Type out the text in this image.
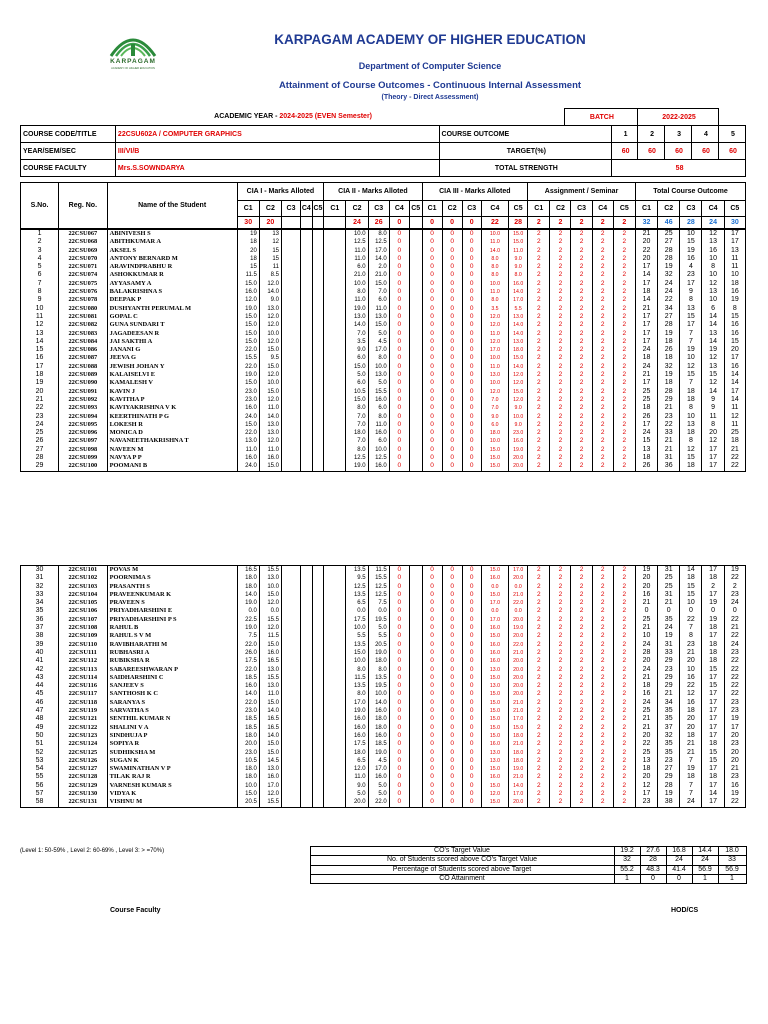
KARPAGAM
ACADEMY OF HIGHER EDUCATION
KARPAGAM ACADEMY OF HIGHER EDUCATION
Department of Computer Science
Attainment of Course Outcomes - Continuous Internal Assessment
(Theory - Direct Assessment)
ACADEMIC YEAR - 2024-2025 (EVEN Semester)			BATCH		2022-2025			
COURSE CODE/TITLE	22CSU602A / COMPUTER GRAPHICS	COURSE OUTCOME		1	2	3	4	5
YEAR/SEM/SEC	III/VI/B	TARGET(%)		60	60	60	60	60
COURSE FACULTY	Mrs.S.SOWNDARYA	TOTAL STRENGTH		58				
S.No.	Reg. No.	Name of the Student	CIA I - Marks Alloted					CIA II - Marks Alloted					CIA III - Marks Alloted					Assignment / Seminar					Total Course Outcome				
			C1	C2	C3	C4	C5	C1	C2	C3	C4	C5	C1	C2	C3	C4	C5	C1	C2	C3	C4	C5	C1	C2	C3	C4	C5
			30	20					24	26	0		0	0	0	22	28	2	2	2	2	2	32	46	28	24	30
1	22CSU067	ABINIVESH S	19	13					10.0	8.0	0		0	0	0	10.0	15.0	2	2	2	2	2	21	25	10	12	17
2	22CSU068	ABITHKUMAR A	18	12					12.5	12.5	0		0	0	0	11.0	15.0	2	2	2	2	2	20	27	15	13	17
3	22CSU069	AKSEL S	20	15					11.0	17.0	0		0	0	0	14.0	11.0	2	2	2	2	2	22	28	19	16	13
4	22CSU070	ANTONY BERNARD M	18	15					11.0	14.0	0		0	0	0	8.0	9.0	2	2	2	2	2	20	28	16	10	11
5	22CSU071	ARAVINDPRABHU R	15	11					6.0	2.0	0		0	0	0	8.0	9.0	2	2	2	2	2	17	19	4	8	11
6	22CSU074	ASHOKKUMAR R	11.5	8.5					21.0	21.0	0		0	0	0	8.0	8.0	2	2	2	2	2	14	32	23	10	10
7	22CSU075	AYYASAMY A	15.0	12.0					10.0	15.0	0		0	0	0	10.0	16.0	2	2	2	2	2	17	24	17	12	18
8	22CSU076	BALAKRISHNA S	16.0	14.0					8.0	7.0	0		0	0	0	11.0	14.0	2	2	2	2	2	18	24	9	13	16
9	22CSU078	DEEPAK P	12.0	9.0					11.0	6.0	0		0	0	0	8.0	17.0	2	2	2	2	2	14	22	8	10	19
10	22CSU080	DUSHYANTH PERUMAL M	19.0	13.0					19.0	11.0	0		0	0	0	3.5	5.5	2	2	2	2	2	21	34	13	6	8
11	22CSU081	GOPAL C	15.0	12.0					13.0	13.0	0		0	0	0	12.0	13.0	2	2	2	2	2	17	27	15	14	15
12	22CSU082	GUNA SUNDARI T	15.0	12.0					14.0	15.0	0		0	0	0	12.0	14.0	2	2	2	2	2	17	28	17	14	16
13	22CSU083	JAGADEESAN R	15.0	10.0					7.0	5.0	0		0	0	0	11.0	14.0	2	2	2	2	2	17	19	7	13	16
14	22CSU084	JAI SAKTHI A	15.0	12.0					3.5	4.5	0		0	0	0	12.0	13.0	2	2	2	2	2	17	18	7	14	15
15	22CSU086	JANANI G	22.0	15.0					9.0	17.0	0		0	0	0	17.0	18.0	2	2	2	2	2	24	26	19	19	20
16	22CSU087	JEEVA G	15.5	9.5					6.0	8.0	0		0	0	0	10.0	15.0	2	2	2	2	2	18	18	10	12	17
17	22CSU088	JEWISH JOHAN Y	22.0	15.0					15.0	10.0	0		0	0	0	11.0	14.0	2	2	2	2	2	24	32	12	13	16
18	22CSU089	KALAISELVI E	19.0	12.0					5.0	13.0	0		0	0	0	13.0	12.0	2	2	2	2	2	21	19	15	15	14
19	22CSU090	KAMALESH V	15.0	10.0					6.0	5.0	0		0	0	0	10.0	12.0	2	2	2	2	2	17	18	7	12	14
20	22CSU091	KAVIN J	23.0	15.0					10.5	15.5	0		0	0	0	12.0	15.0	2	2	2	2	2	25	28	18	14	17
21	22CSU092	KAVITHA P	23.0	12.0					15.0	16.0	0		0	0	0	7.0	12.0	2	2	2	2	2	25	29	18	9	14
22	22CSU093	KAVIYAKRISHNA V K	16.0	11.0					8.0	6.0	0		0	0	0	7.0	9.0	2	2	2	2	2	18	21	8	9	11
23	22CSU094	KEERTHINATH P G	24.0	14.0					7.0	8.0	0		0	0	0	9.0	10.0	2	2	2	2	2	26	23	10	11	12
24	22CSU095	LOKESH R	15.0	13.0					7.0	11.0	0		0	0	0	6.0	9.0	2	2	2	2	2	17	22	13	8	11
25	22CSU096	MONICA D	22.0	13.0					18.0	16.0	0		0	0	0	18.0	23.0	2	2	2	2	2	24	33	18	20	25
26	22CSU097	NAVANEETHAKRISHNA T	13.0	12.0					7.0	6.0	0		0	0	0	10.0	16.0	2	2	2	2	2	15	21	8	12	18
27	22CSU098	NAVEEN M	11.0	11.0					8.0	10.0	0		0	0	0	15.0	19.0	2	2	2	2	2	13	21	12	17	21
28	22CSU099	NAVYA P P	16.0	16.0					12.5	12.5	0		0	0	0	15.0	20.0	2	2	2	2	2	18	31	15	17	22
29	22CSU100	POOMANI B	24.0	15.0					19.0	16.0	0		0	0	0	15.0	20.0	2	2	2	2	2	26	36	18	17	22
30	22CSU101	POVAS M	16.5	15.5					13.5	11.5	0		0	0	0	15.0	17.0	2	2	2	2	2	19	31	14	17	19
31	22CSU102	POORNIMA S	18.0	13.0					9.5	15.5	0		0	0	0	16.0	20.0	2	2	2	2	2	20	25	18	18	22
32	22CSU103	PRASANTH S	18.0	10.0					12.5	12.5	0		0	0	0	0.0	0.0	2	2	2	2	2	20	25	15	2	2
33	22CSU104	PRAVEENKUMAR K	14.0	15.0					13.5	12.5	0		0	0	0	15.0	21.0	2	2	2	2	2	16	31	15	17	23
34	22CSU105	PRAVEEN S	19.0	12.0					6.5	7.5	0		0	0	0	17.0	22.0	2	2	2	2	2	21	21	10	19	24
35	22CSU106	PRIYADHARSHINI E	0.0	0.0					0.0	0.0	0		0	0	0	0.0	0.0	2	2	2	2	2	0	0	0	0	0
36	22CSU107	PRIYADHARSHINI P S	22.5	15.5					17.5	19.5	0		0	0	0	17.0	20.0	2	2	2	2	2	25	35	22	19	22
37	22CSU108	RAHUL B	19.0	12.0					10.0	5.0	0		0	0	0	16.0	19.0	2	2	2	2	2	21	24	7	18	21
38	22CSU109	RAHUL S V M	7.5	11.5					5.5	5.5	0		0	0	0	15.0	20.0	2	2	2	2	2	10	19	8	17	22
39	22CSU110	RAVIBHARATHI M	22.0	15.0					13.5	20.5	0		0	0	0	16.0	22.0	2	2	2	2	2	24	31	23	18	24
40	22CSU111	RUBHASRI A	26.0	16.0					15.0	19.0	0		0	0	0	16.0	21.0	2	2	2	2	2	28	33	21	18	23
41	22CSU112	RUBIKSHA R	17.5	16.5					10.0	18.0	0		0	0	0	16.0	20.0	2	2	2	2	2	20	29	20	18	22
42	22CSU113	SABAREESHWARAN P	22.0	13.0					8.0	8.0	0		0	0	0	13.0	20.0	2	2	2	2	2	24	23	10	15	22
43	22CSU114	SAIDHARSHINI C	18.5	15.5					11.5	13.5	0		0	0	0	15.0	20.0	2	2	2	2	2	21	29	16	17	22
44	22CSU116	SANJEEV S	16.0	13.0					13.5	19.5	0		0	0	0	13.0	20.0	2	2	2	2	2	18	29	22	15	22
45	22CSU117	SANTHOSH K C	14.0	11.0					8.0	10.0	0		0	0	0	15.0	20.0	2	2	2	2	2	16	21	12	17	22
46	22CSU118	SARANYA S	22.0	15.0					17.0	14.0	0		0	0	0	15.0	21.0	2	2	2	2	2	24	34	16	17	23
47	22CSU119	SARVATHA S	23.0	14.0					19.0	16.0	0		0	0	0	15.0	21.0	2	2	2	2	2	25	35	18	17	23
48	22CSU121	SENTHIL KUMAR N	18.5	16.5					16.0	18.0	0		0	0	0	15.0	17.0	2	2	2	2	2	21	35	20	17	19
49	22CSU122	SHALINI V A	18.5	16.5					16.0	18.0	0		0	0	0	15.0	15.0	2	2	2	2	2	21	37	20	17	17
50	22CSU123	SINDHUJA P	18.0	14.0					16.0	16.0	0		0	0	0	15.0	18.0	2	2	2	2	2	20	32	18	17	20
51	22CSU124	SOPIYA R	20.0	15.0					17.5	18.5	0		0	0	0	16.0	21.0	2	2	2	2	2	22	35	21	18	23
52	22CSU125	SUDHIKSHA M	23.0	15.0					18.0	19.0	0		0	0	0	13.0	18.0	2	2	2	2	2	25	35	21	15	20
53	22CSU126	SUGAN K	10.5	14.5					6.5	4.5	0		0	0	0	13.0	18.0	2	2	2	2	2	13	23	7	15	20
54	22CSU127	SWAMINATHAN V P	18.0	13.0					12.0	17.0	0		0	0	0	15.0	19.0	2	2	2	2	2	18	27	19	17	21
55	22CSU128	TILAK RAJ R	18.0	16.0					11.0	16.0	0		0	0	0	16.0	21.0	2	2	2	2	2	20	29	18	18	23
56	22CSU129	VARNESH KUMAR S	10.0	17.0					9.0	5.0	0		0	0	0	15.0	14.0	2	2	2	2	2	12	28	7	17	16
57	22CSU130	VIDYA K	15.0	12.0					5.0	5.0	0		0	0	0	12.0	17.0	2	2	2	2	2	17	19	7	14	19
58	22CSU131	VISHNU M	20.5	15.5					20.0	22.0	0		0	0	0	15.0	20.0	2	2	2	2	2	23	38	24	17	22
(Level 1: 50-59% , Level 2: 60-69% , Level 3: > =70%)	CO's Target Value	19.2	27.6	16.8	14.4	18.0
	No. of Students scored above CO's Target Value	32	28	24	24	33
	Percentage of Students scored above Target	55.2	48.3	41.4	56.9	56.9
	CO Attainment	1	0	0	1	1
Course Faculty	HOD/CS
